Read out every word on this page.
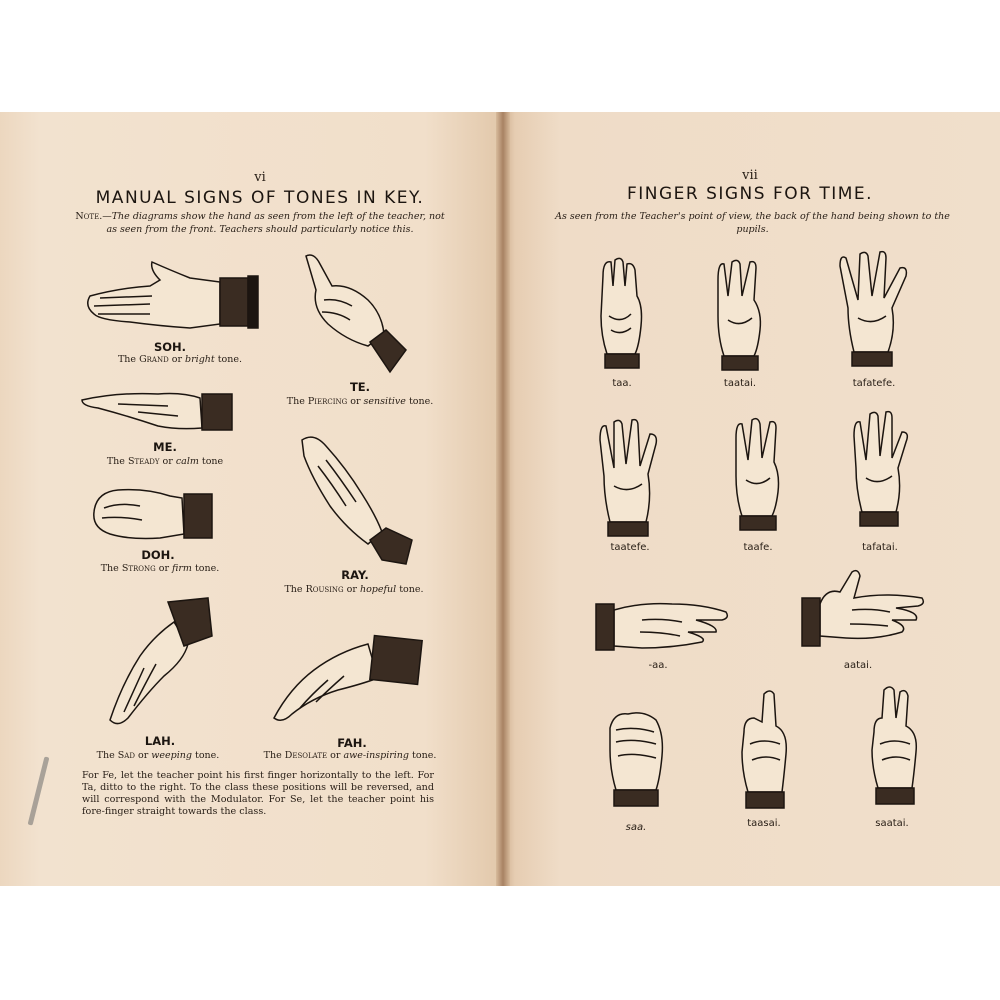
vi
MANUAL SIGNS OF TONES IN KEY.
Note.—The diagrams show the hand as seen from the left of the teacher, not as seen from the front. Teachers should particularly notice this.
SOH.
The Grand or bright tone.
TE.
The Piercing or sensitive tone.
ME.
The Steady or calm tone
RAY.
The Rousing or hopeful tone.
DOH.
The Strong or firm tone.
LAH.
The Sad or weeping tone.
FAH.
The Desolate or awe-inspiring tone.
For Fe, let the teacher point his first finger horizontally to the left. For Ta, ditto to the right. To the class these positions will be reversed, and will correspond with the Modulator. For Se, let the teacher point his fore-finger straight towards the class.
vii
FINGER SIGNS FOR TIME.
As seen from the Teacher's point of view, the back of the hand being shown to the pupils.
taa.	taatai.	tafatefe.
taatefe.	taafe.	tafatai.
-aa.	aatai.
saa.	taasai.	saatai.
